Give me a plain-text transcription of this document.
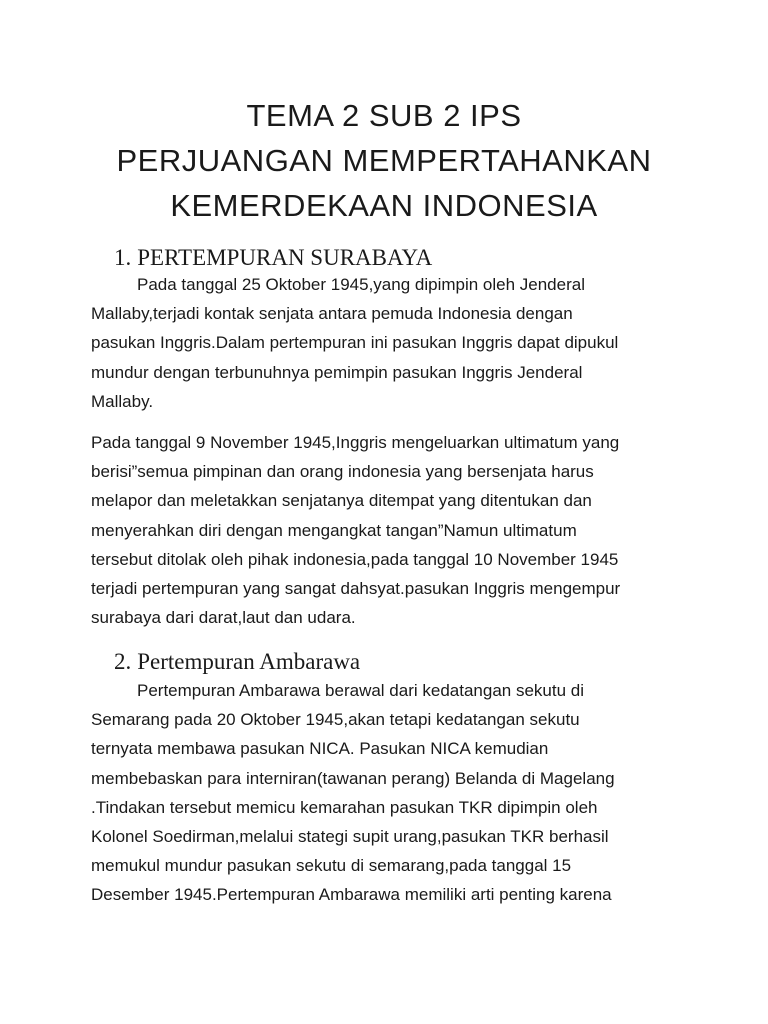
TEMA 2 SUB 2 IPS
PERJUANGAN MEMPERTAHANKAN
KEMERDEKAAN INDONESIA
1. PERTEMPURAN SURABAYA

Pada tanggal 25 Oktober 1945,yang dipimpin oleh Jenderal
Mallaby,terjadi kontak senjata antara pemuda Indonesia dengan
pasukan Inggris.Dalam pertempuran ini pasukan Inggris dapat dipukul
mundur dengan terbunuhnya pemimpin pasukan Inggris Jenderal
Mallaby.

Pada tanggal 9 November 1945,Inggris mengeluarkan ultimatum yang
berisi”semua pimpinan dan orang indonesia yang bersenjata harus
melapor dan meletakkan senjatanya ditempat yang ditentukan dan
menyerahkan diri dengan mengangkat tangan”Namun ultimatum
tersebut ditolak oleh pihak indonesia,pada tanggal 10 November 1945
terjadi pertempuran yang sangat dahsyat.pasukan Inggris mengempur
surabaya dari darat,laut dan udara.

2. Pertempuran Ambarawa

Pertempuran Ambarawa berawal dari kedatangan sekutu di
Semarang pada 20 Oktober 1945,akan tetapi kedatangan sekutu
ternyata membawa pasukan NICA. Pasukan NICA kemudian
membebaskan para interniran(tawanan perang) Belanda di Magelang
.Tindakan tersebut memicu kemarahan pasukan TKR dipimpin oleh
Kolonel Soedirman,melalui stategi supit urang,pasukan TKR berhasil
memukul mundur pasukan sekutu di semarang,pada tanggal 15
Desember 1945.Pertempuran Ambarawa memiliki arti penting karena
